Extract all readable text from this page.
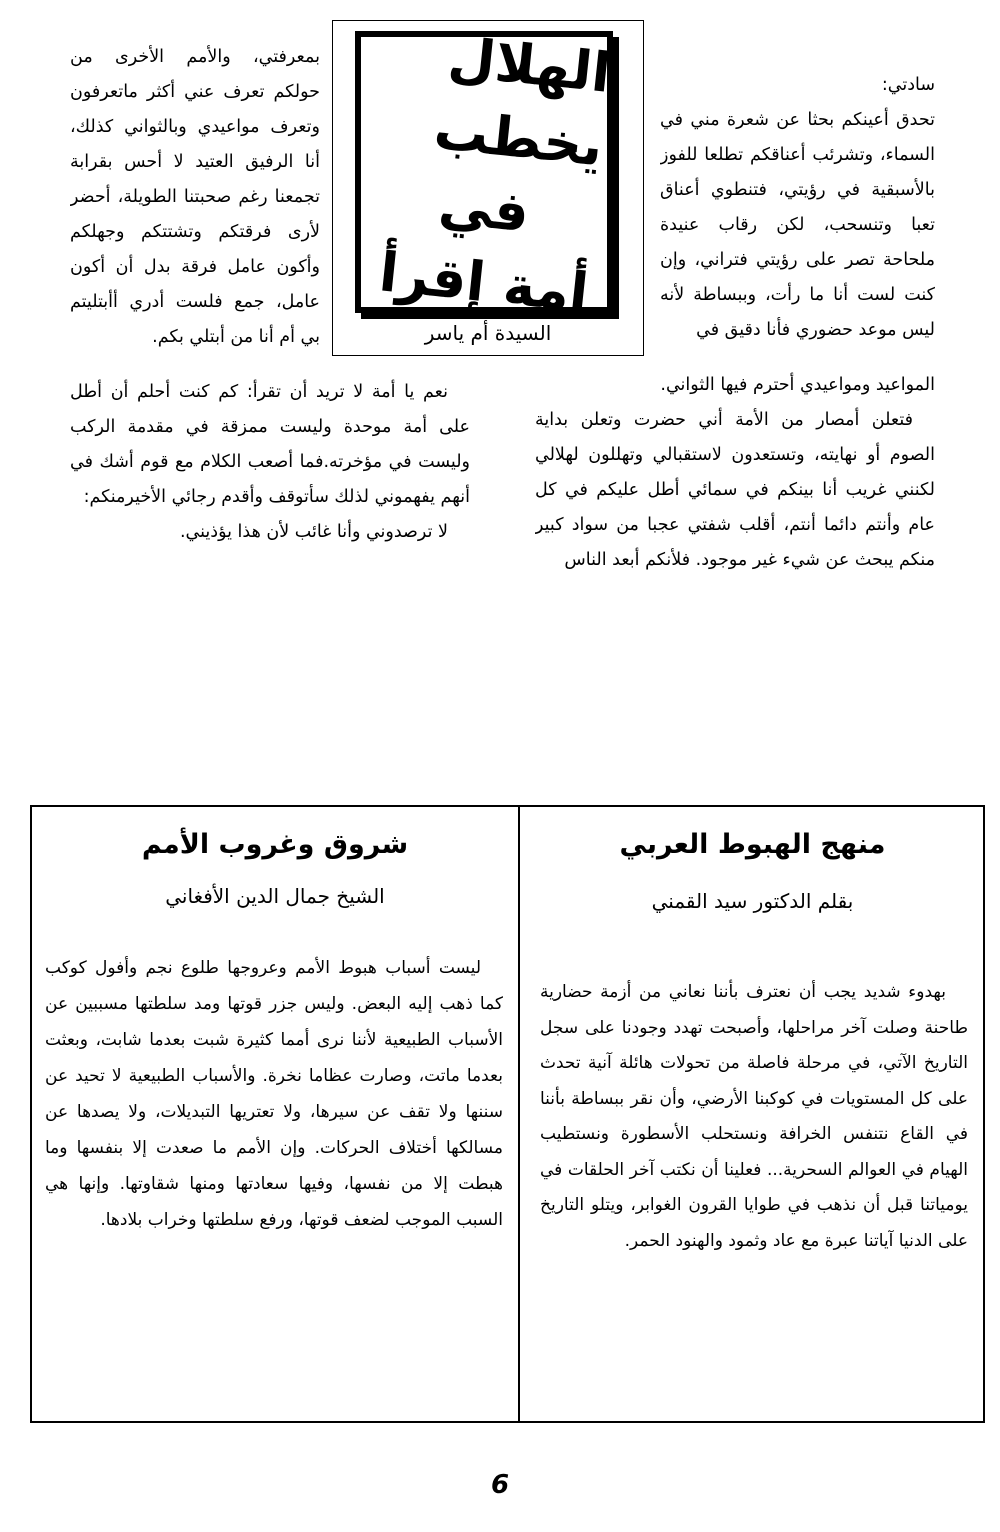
الهلال يخطب
في
أمة إقرأ
السيدة أم ياسر

سادتي:

تحدق أعينكم بحثا عن شعرة مني في السماء، وتشرئب أعناقكم تطلعا للفوز بالأسبقية في رؤيتي، فتنطوي أعناق تعبا وتنسحب، لكن رقاب عنيدة ملحاحة تصر على رؤيتي فتراني، وإن كنت لست أنا ما رأت، وببساطة لأنه ليس موعد حضوري فأنا دقيق في

المواعيد ومواعيدي أحترم فيها الثواني.

فتعلن أمصار من الأمة أني حضرت وتعلن بداية الصوم أو نهايته، وتستعدون لاستقبالي وتهللون لهلالي لكنني غريب أنا بينكم في سمائي أطل عليكم في كل عام وأنتم دائما أنتم، أقلب شفتي عجبا من سواد كبير منكم يبحث عن شيء غير موجود. فلأنكم أبعد الناس

بمعرفتي، والأمم الأخرى من حولكم تعرف عني أكثر ماتعرفون وتعرف مواعيدي وبالثواني كذلك، أنا الرفيق العتيد لا أحس بقرابة تجمعنا رغم صحبتنا الطويلة، أحضر لأرى فرقتكم وتشتتكم وجهلكم وأكون عامل فرقة بدل أن أكون عامل، جمع فلست أدري أأبتليتم بي أم أنا من أبتلي بكم.

نعم يا أمة لا تريد أن تقرأ: كم كنت أحلم أن أطل على أمة موحدة وليست ممزقة في مقدمة الركب وليست في مؤخرته.فما أصعب الكلام مع قوم أشك في أنهم يفهموني لذلك سأتوقف وأقدم رجائي الأخيرمنكم:

لا ترصدوني وأنا غائب لأن هذا يؤذيني.

منهج الهبوط العربي
بقلم الدكتور سيد القمني

بهدوء شديد يجب أن نعترف بأننا نعاني من أزمة حضارية طاحنة وصلت آخر مراحلها، وأصبحت تهدد وجودنا على سجل التاريخ الآتي، في مرحلة فاصلة من تحولات هائلة آنية تحدث على كل المستويات في كوكبنا الأرضي، وأن نقر ببساطة بأننا في القاع نتنفس الخرافة ونستحلب الأسطورة ونستطيب الهيام في العوالم السحرية... فعلينا أن نكتب آخر الحلقات في يومياتنا قبل أن نذهب في طوايا القرون الغوابر، ويتلو التاريخ على الدنيا آياتنا عبرة مع عاد وثمود والهنود الحمر.

شروق وغروب الأمم
الشيخ جمال الدين الأفغاني

ليست أسباب هبوط الأمم وعروجها طلوع نجم وأفول كوكب كما ذهب إليه البعض. وليس جزر قوتها ومد سلطتها مسببين عن الأسباب الطبيعية لأننا نرى أمما كثيرة شبت بعدما شابت، وبعثت بعدما ماتت، وصارت عظاما نخرة. والأسباب الطبيعية لا تحيد عن سننها ولا تقف عن سيرها، ولا تعتريها التبديلات، ولا يصدها عن مسالكها أختلاف الحركات. وإن الأمم ما صعدت إلا بنفسها وما هبطت إلا من نفسها، وفيها سعادتها ومنها شقاوتها. وإنها هي السبب الموجب لضعف قوتها، ورفع سلطتها وخراب بلادها.

6
